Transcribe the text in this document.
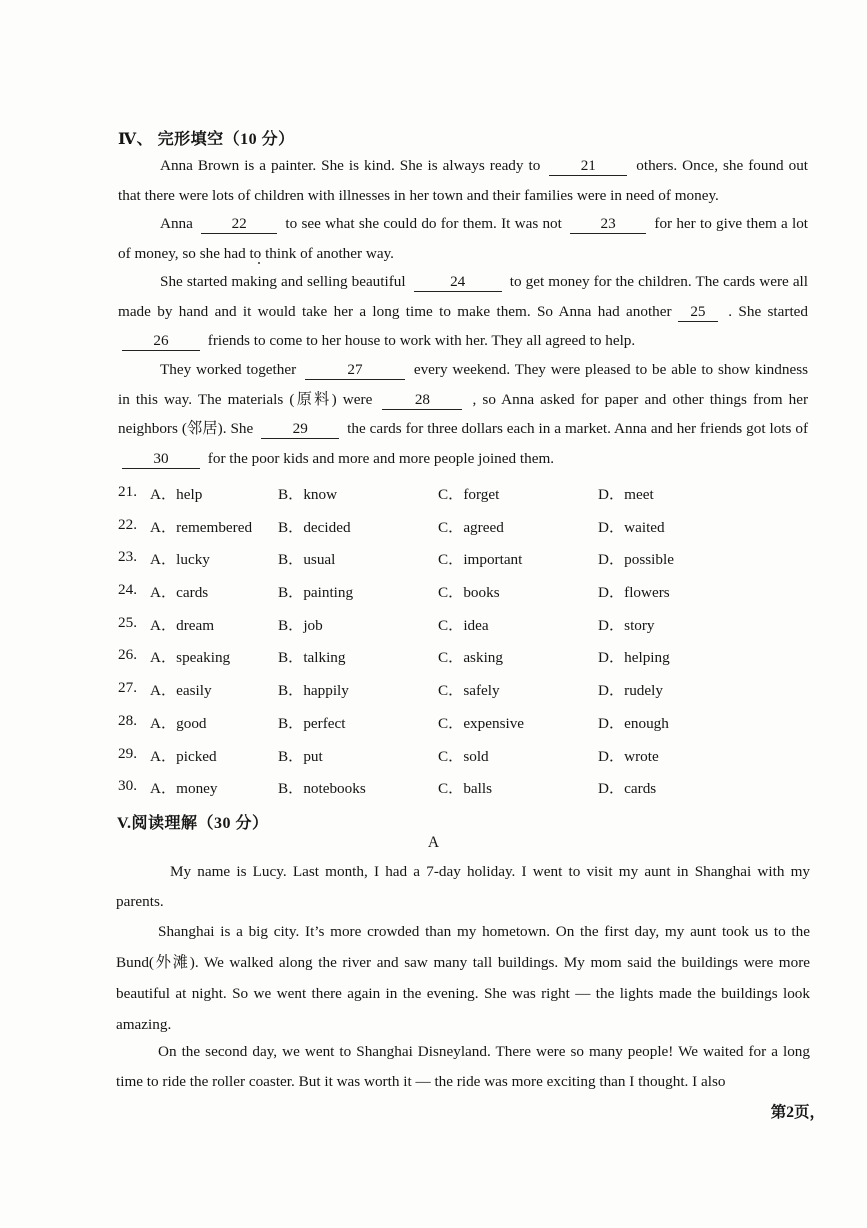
Ⅳ、 完形填空（10 分）
Anna Brown is a painter. She is kind. She is always ready to	21	others. Once, she found out that there were lots of children with illnesses in her town and their families were in need of money.
Anna	22	to see what she could do for them. It was not	23	for her to give them a lot of money, so she had to think of another way.
She started making and selling beautiful	24	to get money for the children. The cards were all made by hand and it would take her a long time to make them. So Anna had another 25 . She started 26	friends to come to her house to work with her. They all agreed to help.
They worked together	27	every weekend. They were pleased to be able to show kindness in this way. The materials (原料) were	28	, so Anna asked for paper and other things from her neighbors (邻居). She	29	the cards for three dollars each in a market. Anna and her friends got lots of 30	for the poor kids and more and more people joined them.
21. A．help	B．know	C．forget	D．meet
22. A．remembered B．decided	C．agreed	D．waited
23. A．lucky	B．usual	C．important	D．possible
24. A．cards	B．painting	C．books	D．flowers
25. A．dream	B．job	C．idea	D．story
26. A．speaking	B．talking	C．asking	D．helping
27. A．easily	B．happily	C．safely	D．rudely
28. A．good	B．perfect	C．expensive	D．enough
29. A．picked	B．put	C．sold	D．wrote
30. A．money	B．notebooks	C．balls	D．cards
V.阅读理解（30 分）
A
My name is Lucy. Last month, I had a 7-day holiday. I went to visit my aunt in Shanghai with my parents.
Shanghai is a big city. It’s more crowded than my hometown. On the first day, my aunt took us to the Bund(外滩). We walked along the river and saw many tall buildings. My mom said the buildings were more beautiful at night. So we went there again in the evening. She was right — the lights made the buildings look amazing.
On the second day, we went to Shanghai Disneyland. There were so many people! We waited for a long time to ride the roller coaster. But it was worth it — the ride was more exciting than I thought. I also
第2页，
